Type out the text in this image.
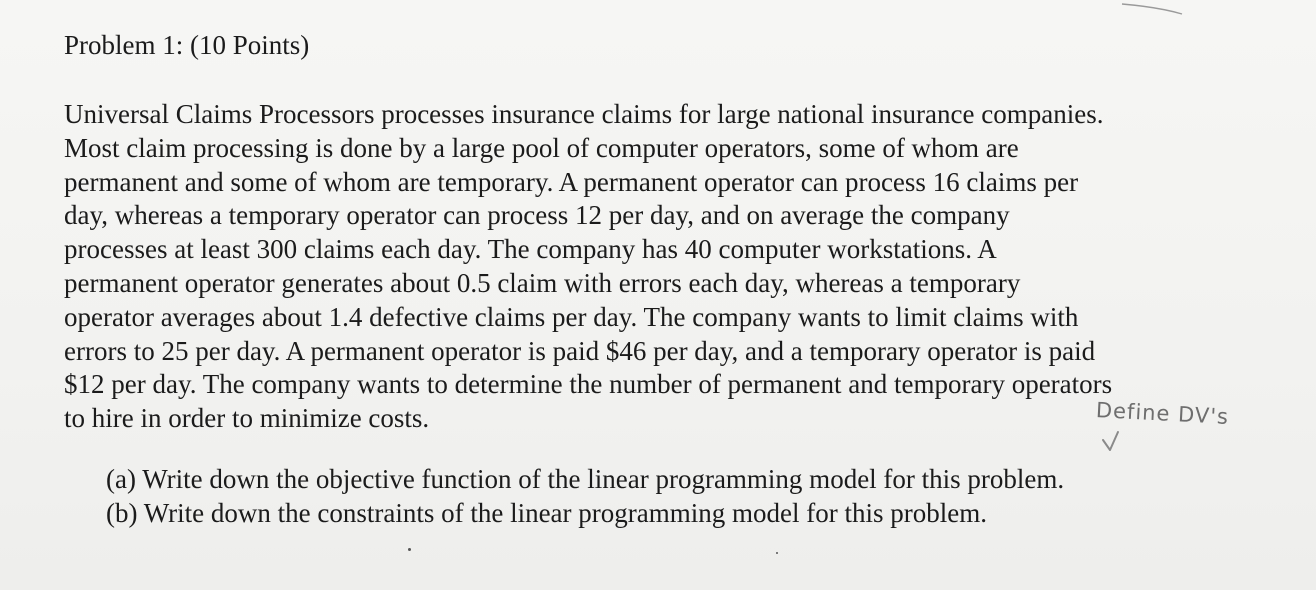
Problem 1: (10 Points)

Universal Claims Processors processes insurance claims for large national insurance companies.

Most claim processing is done by a large pool of computer operators, some of whom are

permanent and some of whom are temporary. A permanent operator can process 16 claims per

day, whereas a temporary operator can process 12 per day, and on average the company

processes at least 300 claims each day. The company has 40 computer workstations. A

permanent operator generates about 0.5 claim with errors each day, whereas a temporary

operator averages about 1.4 defective claims per day. The company wants to limit claims with

errors to 25 per day. A permanent operator is paid $46 per day, and a temporary operator is paid

$12 per day. The company wants to determine the number of permanent and temporary operators

to hire in order to minimize costs.	Define DV's

(a) Write down the objective function of the linear programming model for this problem.

(b) Write down the constraints of the linear programming model for this problem.
